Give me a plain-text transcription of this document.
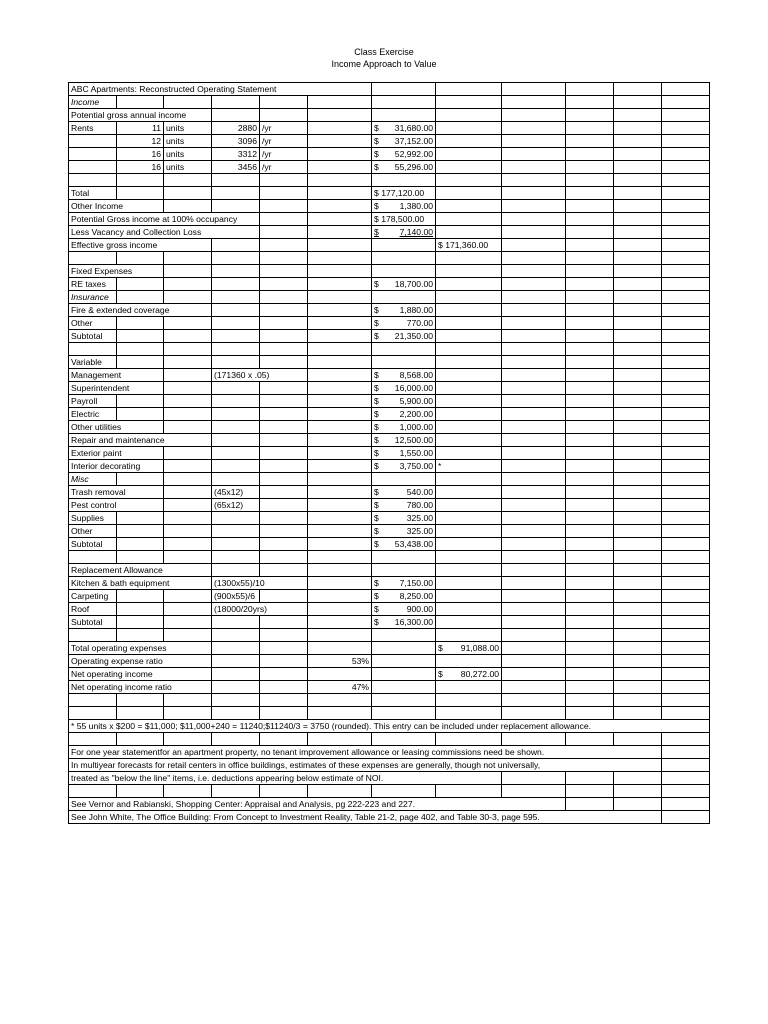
Class Exercise
Income Approach to Value
ABC Apartments: Reconstructed Operating Statement											
Income											
Potential gross annual income											
Rents	11	units	2880	/yr		$ 31,680.00					

	12	units	3096	/yr		$ 37,152.00					

	16	units	3312	/yr		$ 52,992.00					

	16	units	3456	/yr		$ 55,296.00					

Total						$ 177,120.00					
Other Income						$ 1,380.00					

Potential Gross income at 100% occupancy						$ 178,500.00					
Less Vacancy and Collection Loss						$ 7,140.00					

Effective gross income							$ 171,360.00				

Fixed Expenses											
RE taxes						$ 18,700.00					

Insurance											
Fire & extended coverage						$ 1,880.00					

Other						$ 770.00					

Subtotal						$ 21,350.00					

Variable											
Management			(171360 x .05)			$ 8,568.00					

Superintendent						$ 16,000.00					

Payroll						$ 5,900.00					

Electric						$ 2,200.00					

Other utilities						$ 1,000.00					

Repair and maintenance						$ 12,500.00					

Exterior paint						$ 1,550.00					

Interior decorating						$ 3,750.00	*				
Misc											
Trash removal			(45x12)			$ 540.00					

Pest control			(65x12)			$ 780.00					

Supplies						$ 325.00					

Other						$ 325.00					

Subtotal						$ 53,438.00					

Replacement Allowance											
Kitchen & bath equipment			(1300x55)/10			$ 7,150.00					

Carpeting			(900x55)/6			$ 8,250.00					

Roof			(18000/20yrs)			$ 900.00					

Subtotal						$ 16,300.00					

Total operating expenses							$ 91,088.00				

Operating expense ratio					53%						
Net operating income							$ 80,272.00				

Net operating income ratio					47%						

* 55 units x $200 = $11,000; $11,000+240 = 11240;$11240/3 = 3750 (rounded). This entry can be included under replacement allowance.											

For one year statementfor an apartment property, no tenant improvement allowance or leasing commissions need be shown.											
In multiyear forecasts for retail centers in office buildings, estimates of these expenses are generally, though not universally,											
treated as "below the line" items, i.e. deductions appearing below estimate of NOI.											

See Vernor and Rabianski, Shopping Center: Appraisal and Analysis, pg 222-223 and 227.											
See John White, The Office Building: From Concept to Investment Reality, Table 21-2, page 402, and Table 30-3, page 595.											
